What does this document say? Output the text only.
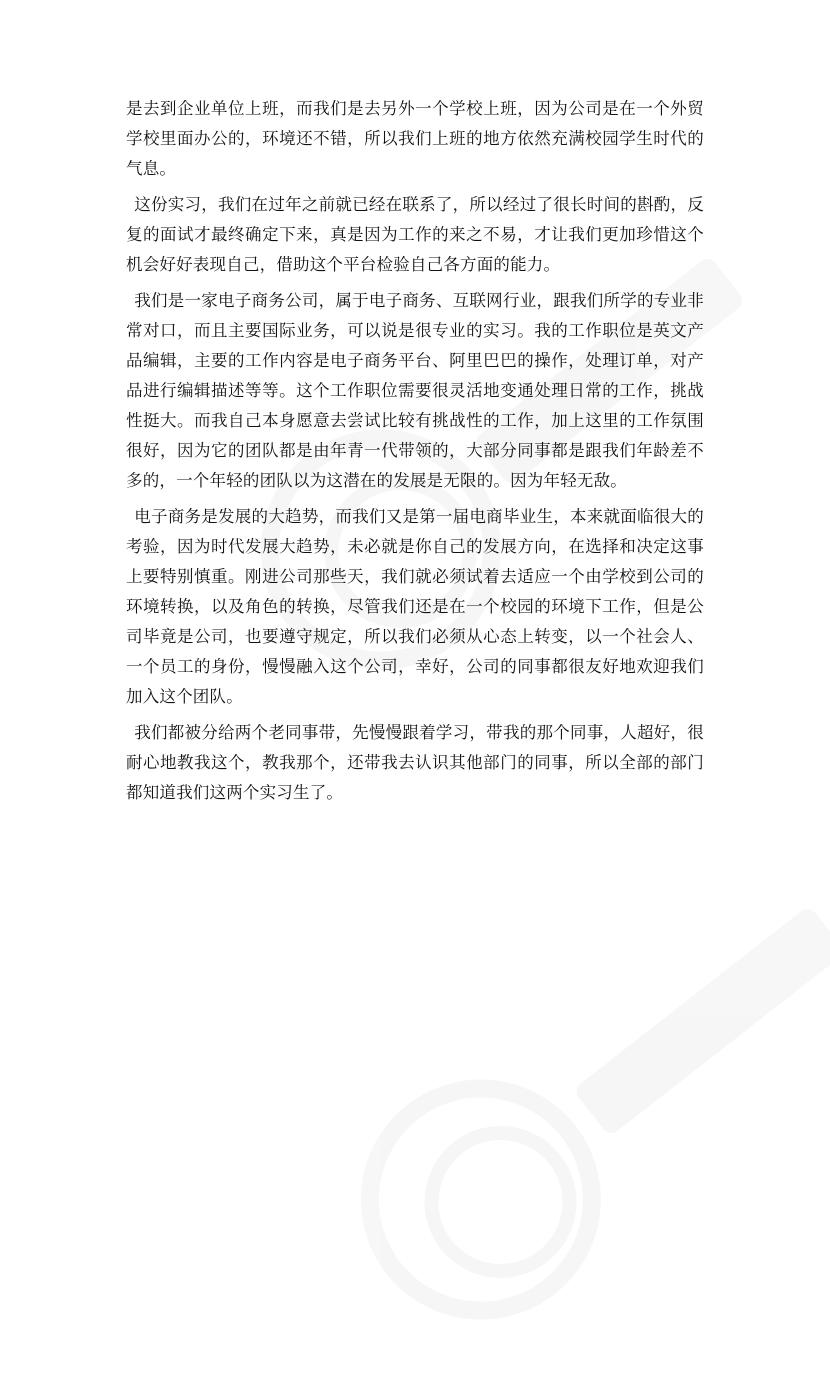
是去到企业单位上班，而我们是去另外一个学校上班，因为公司是在一个外贸学校里面办公的，环境还不错，所以我们上班的地方依然充满校园学生时代的气息。

这份实习，我们在过年之前就已经在联系了，所以经过了很长时间的斟酌，反复的面试才最终确定下来，真是因为工作的来之不易，才让我们更加珍惜这个机会好好表现自己，借助这个平台检验自己各方面的能力。

我们是一家电子商务公司，属于电子商务、互联网行业，跟我们所学的专业非常对口，而且主要国际业务，可以说是很专业的实习。我的工作职位是英文产品编辑，主要的工作内容是电子商务平台、阿里巴巴的操作，处理订单，对产品进行编辑描述等等。这个工作职位需要很灵活地变通处理日常的工作，挑战性挺大。而我自己本身愿意去尝试比较有挑战性的工作，加上这里的工作氛围很好，因为它的团队都是由年青一代带领的，大部分同事都是跟我们年龄差不多的，一个年轻的团队以为这潜在的发展是无限的。因为年轻无敌。

电子商务是发展的大趋势，而我们又是第一届电商毕业生，本来就面临很大的考验，因为时代发展大趋势，未必就是你自己的发展方向，在选择和决定这事上要特别慎重。刚进公司那些天，我们就必须试着去适应一个由学校到公司的环境转换，以及角色的转换，尽管我们还是在一个校园的环境下工作，但是公司毕竟是公司，也要遵守规定，所以我们必须从心态上转变，以一个社会人、一个员工的身份，慢慢融入这个公司，幸好，公司的同事都很友好地欢迎我们加入这个团队。

我们都被分给两个老同事带，先慢慢跟着学习，带我的那个同事，人超好，很耐心地教我这个，教我那个，还带我去认识其他部门的同事，所以全部的部门都知道我们这两个实习生了。
